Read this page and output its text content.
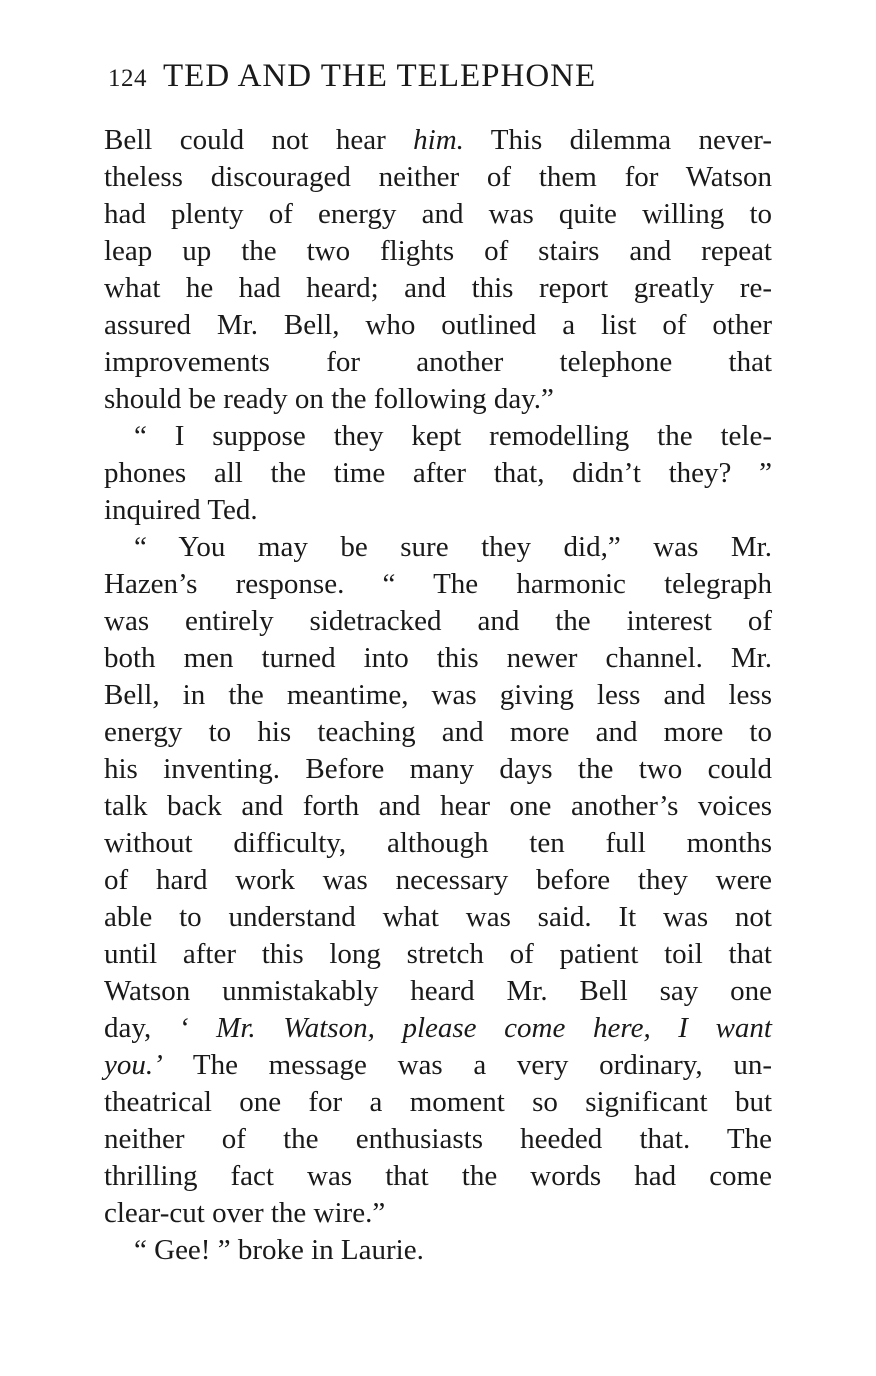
124 TED AND THE TELEPHONE
Bell could not hear him. This dilemma never-
theless discouraged neither of them for Watson
had plenty of energy and was quite willing to
leap up the two flights of stairs and repeat
what he had heard; and this report greatly re-
assured Mr. Bell, who outlined a list of other
improvements for another telephone that
should be ready on the following day.”
“ I suppose they kept remodelling the tele-
phones all the time after that, didn’t they? ”
inquired Ted.
“ You may be sure they did,” was Mr.
Hazen’s response. “ The harmonic telegraph
was entirely sidetracked and the interest of
both men turned into this newer channel. Mr.
Bell, in the meantime, was giving less and less
energy to his teaching and more and more to
his inventing. Before many days the two could
talk back and forth and hear one another’s voices
without difficulty, although ten full months
of hard work was necessary before they were
able to understand what was said. It was not
until after this long stretch of patient toil that
Watson unmistakably heard Mr. Bell say one
day, ‘ Mr. Watson, please come here, I want
you.’ The message was a very ordinary, un-
theatrical one for a moment so significant but
neither of the enthusiasts heeded that. The
thrilling fact was that the words had come
clear-cut over the wire.”
“ Gee! ” broke in Laurie.
